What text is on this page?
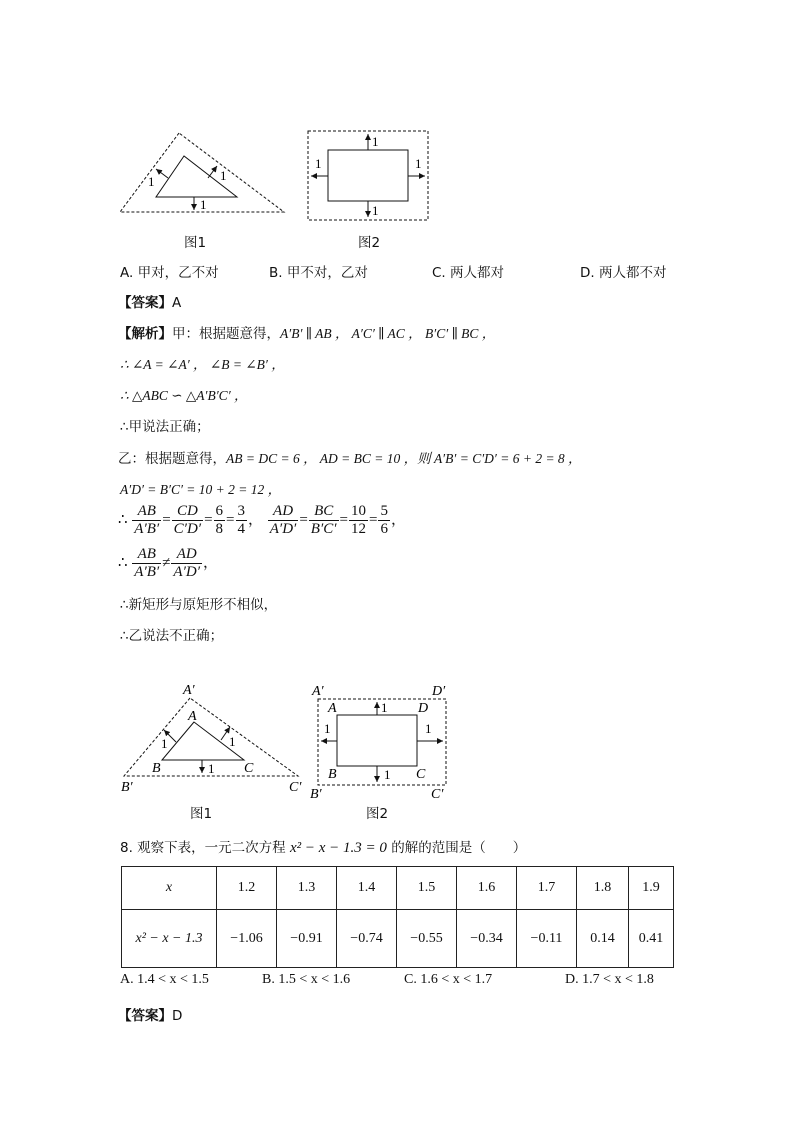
1	1
1
图1
1
1
1	1
图2
A. 甲对，乙不对	B. 甲不对，乙对	C. 两人都对	D. 两人都不对
【答案】A
【解析】甲：根据题意得，A′B′ ∥ AB ， A′C′ ∥ AC ， B′C′ ∥ BC ，
∴ ∠A = ∠A′ ， ∠B = ∠B′ ，
∴ △ABC ∽ △A′B′C′ ，
∴甲说法正确；
乙：根据题意得，AB = DC = 6 ， AD = BC = 10 ，则 A′B′ = C′D′ = 6 + 2 = 8 ，
A′D′ = B′C′ = 10 + 2 = 12 ，
∴ $\frac{AB}{A'B'} = \frac{CD}{C'D'} = \frac{6}{8} = \frac{3}{4}$ ， $\frac{AD}{A'D'} = \frac{BC}{B'C'} = \frac{10}{12} = \frac{5}{6}$ ，
∴ $\frac{AB}{A'B'} \ne \frac{AD}{A'D'}$ ，
∴新矩形与原矩形不相似，
∴乙说法不正确；
1	1
1
A′
A
B	C
B′	C′
图1
1
1
1	1
A′	D′
A	D
B	C
B′	C′
图2
8. 观察下表，一元二次方程 x² − x − 1.3 = 0 的解的范围是（　　）
x	1.2	1.3	1.4	1.5	1.6	1.7	1.8	1.9
x² − x − 1.3	−1.06	−0.91	−0.74	−0.55	−0.34	−0.11	0.14	0.41
A. 1.4 < x < 1.5	B. 1.5 < x < 1.6	C. 1.6 < x < 1.7	D. 1.7 < x < 1.8
【答案】D
